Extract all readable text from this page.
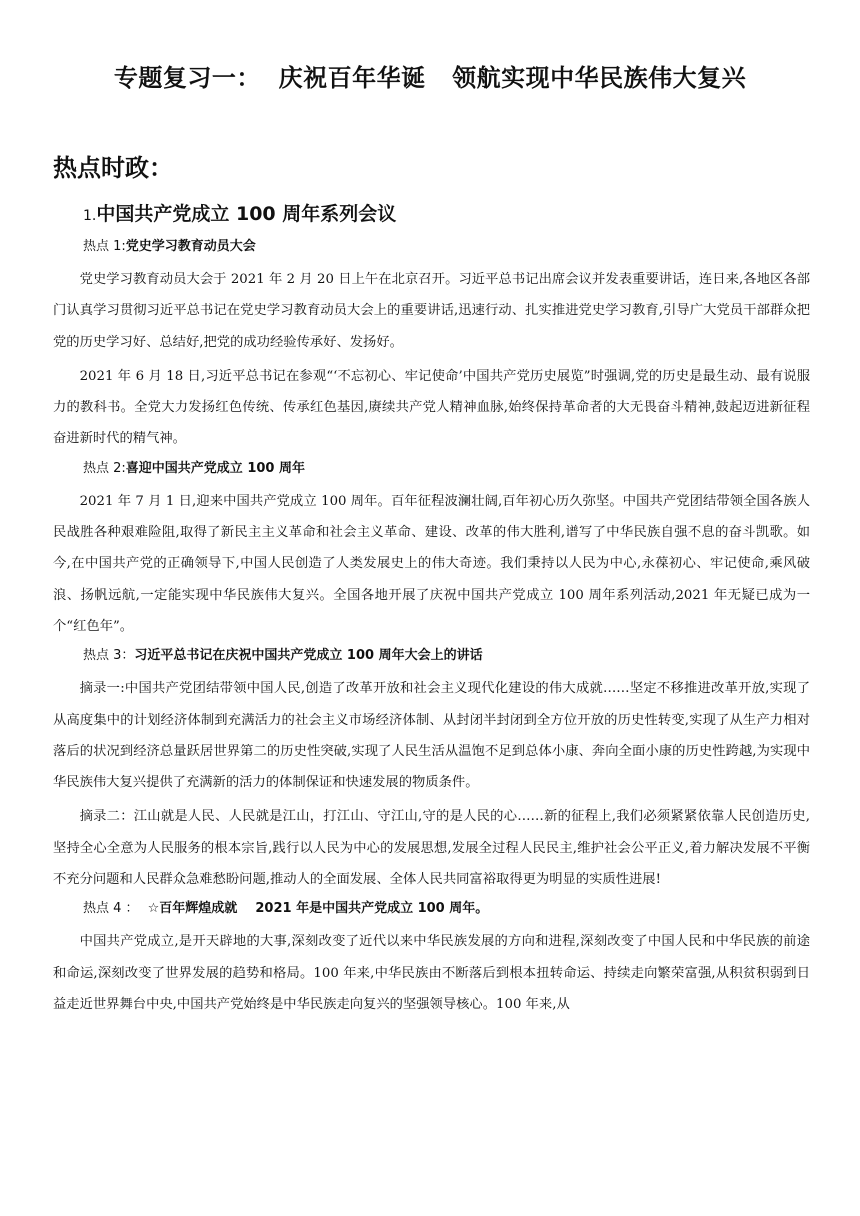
专题复习一：  庆祝百年华诞   领航实现中华民族伟大复兴
热点时政：
1.中国共产党成立 100 周年系列会议
热点 1:党史学习教育动员大会

党史学习教育动员大会于 2021 年 2 月 20 日上午在北京召开。习近平总书记出席会议并发表重要讲话，连日来,各地区各部门认真学习贯彻习近平总书记在党史学习教育动员大会上的重要讲话,迅速行动、扎实推进党史学习教育,引导广大党员干部群众把党的历史学习好、总结好,把党的成功经验传承好、发扬好。

2021 年 6 月 18 日,习近平总书记在参观“‘不忘初心、牢记使命’中国共产党历史展览”时强调,党的历史是最生动、最有说服力的教科书。全党大力发扬红色传统、传承红色基因,赓续共产党人精神血脉,始终保持革命者的大无畏奋斗精神,鼓起迈进新征程奋进新时代的精气神。

热点 2:喜迎中国共产党成立 100 周年

2021 年 7 月 1 日,迎来中国共产党成立 100 周年。百年征程波澜壮阔,百年初心历久弥坚。中国共产党团结带领全国各族人民战胜各种艰难险阻,取得了新民主主义革命和社会主义革命、建设、改革的伟大胜利,谱写了中华民族自强不息的奋斗凯歌。如今,在中国共产党的正确领导下,中国人民创造了人类发展史上的伟大奇迹。我们秉持以人民为中心,永葆初心、牢记使命,乘风破浪、扬帆远航,一定能实现中华民族伟大复兴。全国各地开展了庆祝中国共产党成立 100 周年系列活动,2021 年无疑已成为一个“红色年”。

热点 3：习近平总书记在庆祝中国共产党成立 100 周年大会上的讲话

摘录一:中国共产党团结带领中国人民,创造了改革开放和社会主义现代化建设的伟大成就……坚定不移推进改革开放,实现了从高度集中的计划经济体制到充满活力的社会主义市场经济体制、从封闭半封闭到全方位开放的历史性转变,实现了从生产力相对落后的状况到经济总量跃居世界第二的历史性突破,实现了人民生活从温饱不足到总体小康、奔向全面小康的历史性跨越,为实现中华民族伟大复兴提供了充满新的活力的体制保证和快速发展的物质条件。

摘录二：江山就是人民、人民就是江山，打江山、守江山,守的是人民的心……新的征程上,我们必须紧紧依靠人民创造历史,坚持全心全意为人民服务的根本宗旨,践行以人民为中心的发展思想,发展全过程人民民主,维护社会公平正义,着力解决发展不平衡不充分问题和人民群众急难愁盼问题,推动人的全面发展、全体人民共同富裕取得更为明显的实质性进展!

热点 4 ：  ☆百年辉煌成就    2021 年是中国共产党成立 100 周年。

中国共产党成立,是开天辟地的大事,深刻改变了近代以来中华民族发展的方向和进程,深刻改变了中国人民和中华民族的前途和命运,深刻改变了世界发展的趋势和格局。100 年来,中华民族由不断落后到根本扭转命运、持续走向繁荣富强,从积贫积弱到日益走近世界舞台中央,中国共产党始终是中华民族走向复兴的坚强领导核心。100 年来,从
